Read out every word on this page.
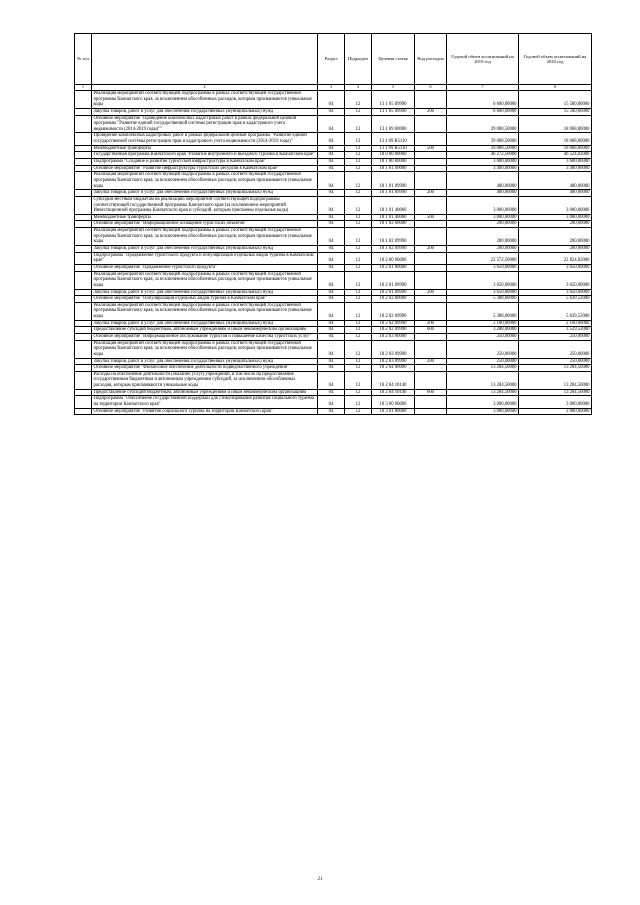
№ п/п		Раздел	Подраздел	Целевая статья	Вид расходов	Годовой объем ассигнований на 2019 год	Годовой объем ассигнований на 2020 год
1	2	3	4	5	6	7	8
	Реализация мероприятий соответствующей подпрограммы в рамках соответствующей государственной программы Камчатского края, за исключением обособленных расходов, которым присваиваются уникальные коды	04	12	13 1 05 09990		6 600,00000	15 500,00000
	Закупка товаров, работ и услуг для обеспечения государственных (муниципальных) нужд	04	12	13 1 05 09990	200	6 600,00000	15 500,00000
	Основное мероприятие "Проведение комплексных кадастровых работ в рамках федеральной целевой программы "Развитие единой государственной системы регистрации прав и кадастрового учета недвижимости (2014-2019 годы)""	04	12	13 1 09 00000		39 088,50000	18 068,80000
	Проведение комплексных кадастровых работ в рамках федеральной целевой программы "Развитие единой государственной системы регистрации прав и кадастрового учета недвижимости (2014-2019 годы)"	04	12	13 1 09 R5110		39 088,50000	18 068,80000
	Межбюджетные трансферты	04	12	13 1 09 R5110	500	39 088,50000	18 068,80000
	Государственная программа Камчатского края "Развитие внутреннего и въездного туризма в Камчатском крае"	04	12	18 0 00 00000		46 272,50000	46 524,02000
	Подпрограмма "Создание и развитие туристской инфраструктуры в Камчатском крае"	04	12	18 1 00 00000		3 600,00000	3 600,00000
	Основное мероприятие "Развитие инфраструктуры туристских ресурсов в Камчатском крае"	04	12	18 1 01 00000		3 400,00000	3 400,00000
	Реализация мероприятий соответствующей подпрограммы в рамках соответствующей государственной программы Камчатского края, за исключением обособленных расходов, которым присваиваются уникальные коды	04	12	18 1 01 09990		400,00000	400,00000
	Закупка товаров, работ и услуг для обеспечения государственных (муниципальных) нужд	04	12	18 1 01 09990	200	400,00000	400,00000
	Субсидии местным бюджетам на реализацию мероприятий соответствующей подпрограммы соответствующей государственной программы Камчатского края (за исключением мероприятий Инвестиционной программы Камчатского края и субсидий, которым присвоены отдельные коды)	04	12	18 1 01 40060		3 000,00000	3 000,00000
	Межбюджетные трансферты	04	12	18 1 01 40060	500	3 000,00000	3 000,00000
	Основное мероприятие "Информационное оснащение туристских объектов"	04	12	18 1 02 00000		200,00000	200,00000
	Реализация мероприятий соответствующей подпрограммы в рамках соответствующей государственной программы Камчатского края, за исключением обособленных расходов, которым присваиваются уникальные коды	04	12	18 1 02 09990		200,00000	200,00000
	Закупка товаров, работ и услуг для обеспечения государственных (муниципальных) нужд	04	12	18 1 02 09990	200	200,00000	200,00000
	Подпрограмма "Продвижение туристского продукта и популяризация отдельных видов туризма в Камчатском крае"	04	12	18 2 00 00000		22 572,50000	22 824,02000
	Основное мероприятие "Продвижение туристского продукта"	04	12	18 2 01 00000		3 650,00000	3 650,00000
	Реализация мероприятий соответствующей подпрограммы в рамках соответствующей государственной программы Камчатского края, за исключением обособленных расходов, которым присваиваются уникальные коды	04	12	18 2 01 09990		3 650,00000	3 650,00000
	Закупка товаров, работ и услуг для обеспечения государственных (муниципальных) нужд	04	12	18 2 01 09990	200	3 650,00000	3 650,00000
	Основное мероприятие "Популяризация отдельных видов туризма в Камчатском крае"	04	12	18 2 02 00000		5 388,00000	5 639,52000
	Реализация мероприятий соответствующей подпрограммы в рамках соответствующей государственной программы Камчатского края, за исключением обособленных расходов, которым присваиваются уникальные коды	04	12	18 2 02 09990		5 388,00000	5 639,52000
	Закупка товаров, работ и услуг для обеспечения государственных (муниципальных) нужд	04	12	18 2 02 09990	200	2 100,00000	2 100,00000
	Предоставление субсидий бюджетным, автономным учреждениям и иным некоммерческим организациям	04	12	18 2 02 09990	600	3 288,00000	3 539,52000
	Основное мероприятие "Информационное обслуживание туристов и повышение качества туристских услуг"	04	12	18 2 03 00000		250,00000	250,00000
	Реализация мероприятий соответствующей подпрограммы в рамках соответствующей государственной программы Камчатского края, за исключением обособленных расходов, которым присваиваются уникальные коды	04	12	18 2 03 09990		250,00000	250,00000
	Закупка товаров, работ и услуг для обеспечения государственных (муниципальных) нужд	04	12	18 2 03 09990	200	250,00000	250,00000
	Основное мероприятие "Финансовое обеспечение деятельности подведомственного учреждения"	04	12	18 2 04 00000		13 284,50000	13 284,50000
	Расходы на обеспечение деятельности (оказание услуг) учреждений, в том числе на предоставление государственным бюджетным и автономным учреждениям субсидий, за исключением обособленных расходов, которым присваиваются уникальные коды	04	12	18 2 04 10140		13 284,50000	13 284,50000
	Предоставление субсидий бюджетным, автономным учреждениям и иным некоммерческим организациям	04	12	18 2 04 10140	600	13 284,50000	13 284,50000
	Подпрограмма "Обеспечение государственной поддержки для стимулирования развития социального туризма на территории Камчатского края"	04	12	18 3 00 00000		3 000,00000	3 000,00000
	Основное мероприятие "Развитие социального туризма на территории Камчатского края"	04	12	18 3 01 00000		3 000,00000	3 000,00000
21
